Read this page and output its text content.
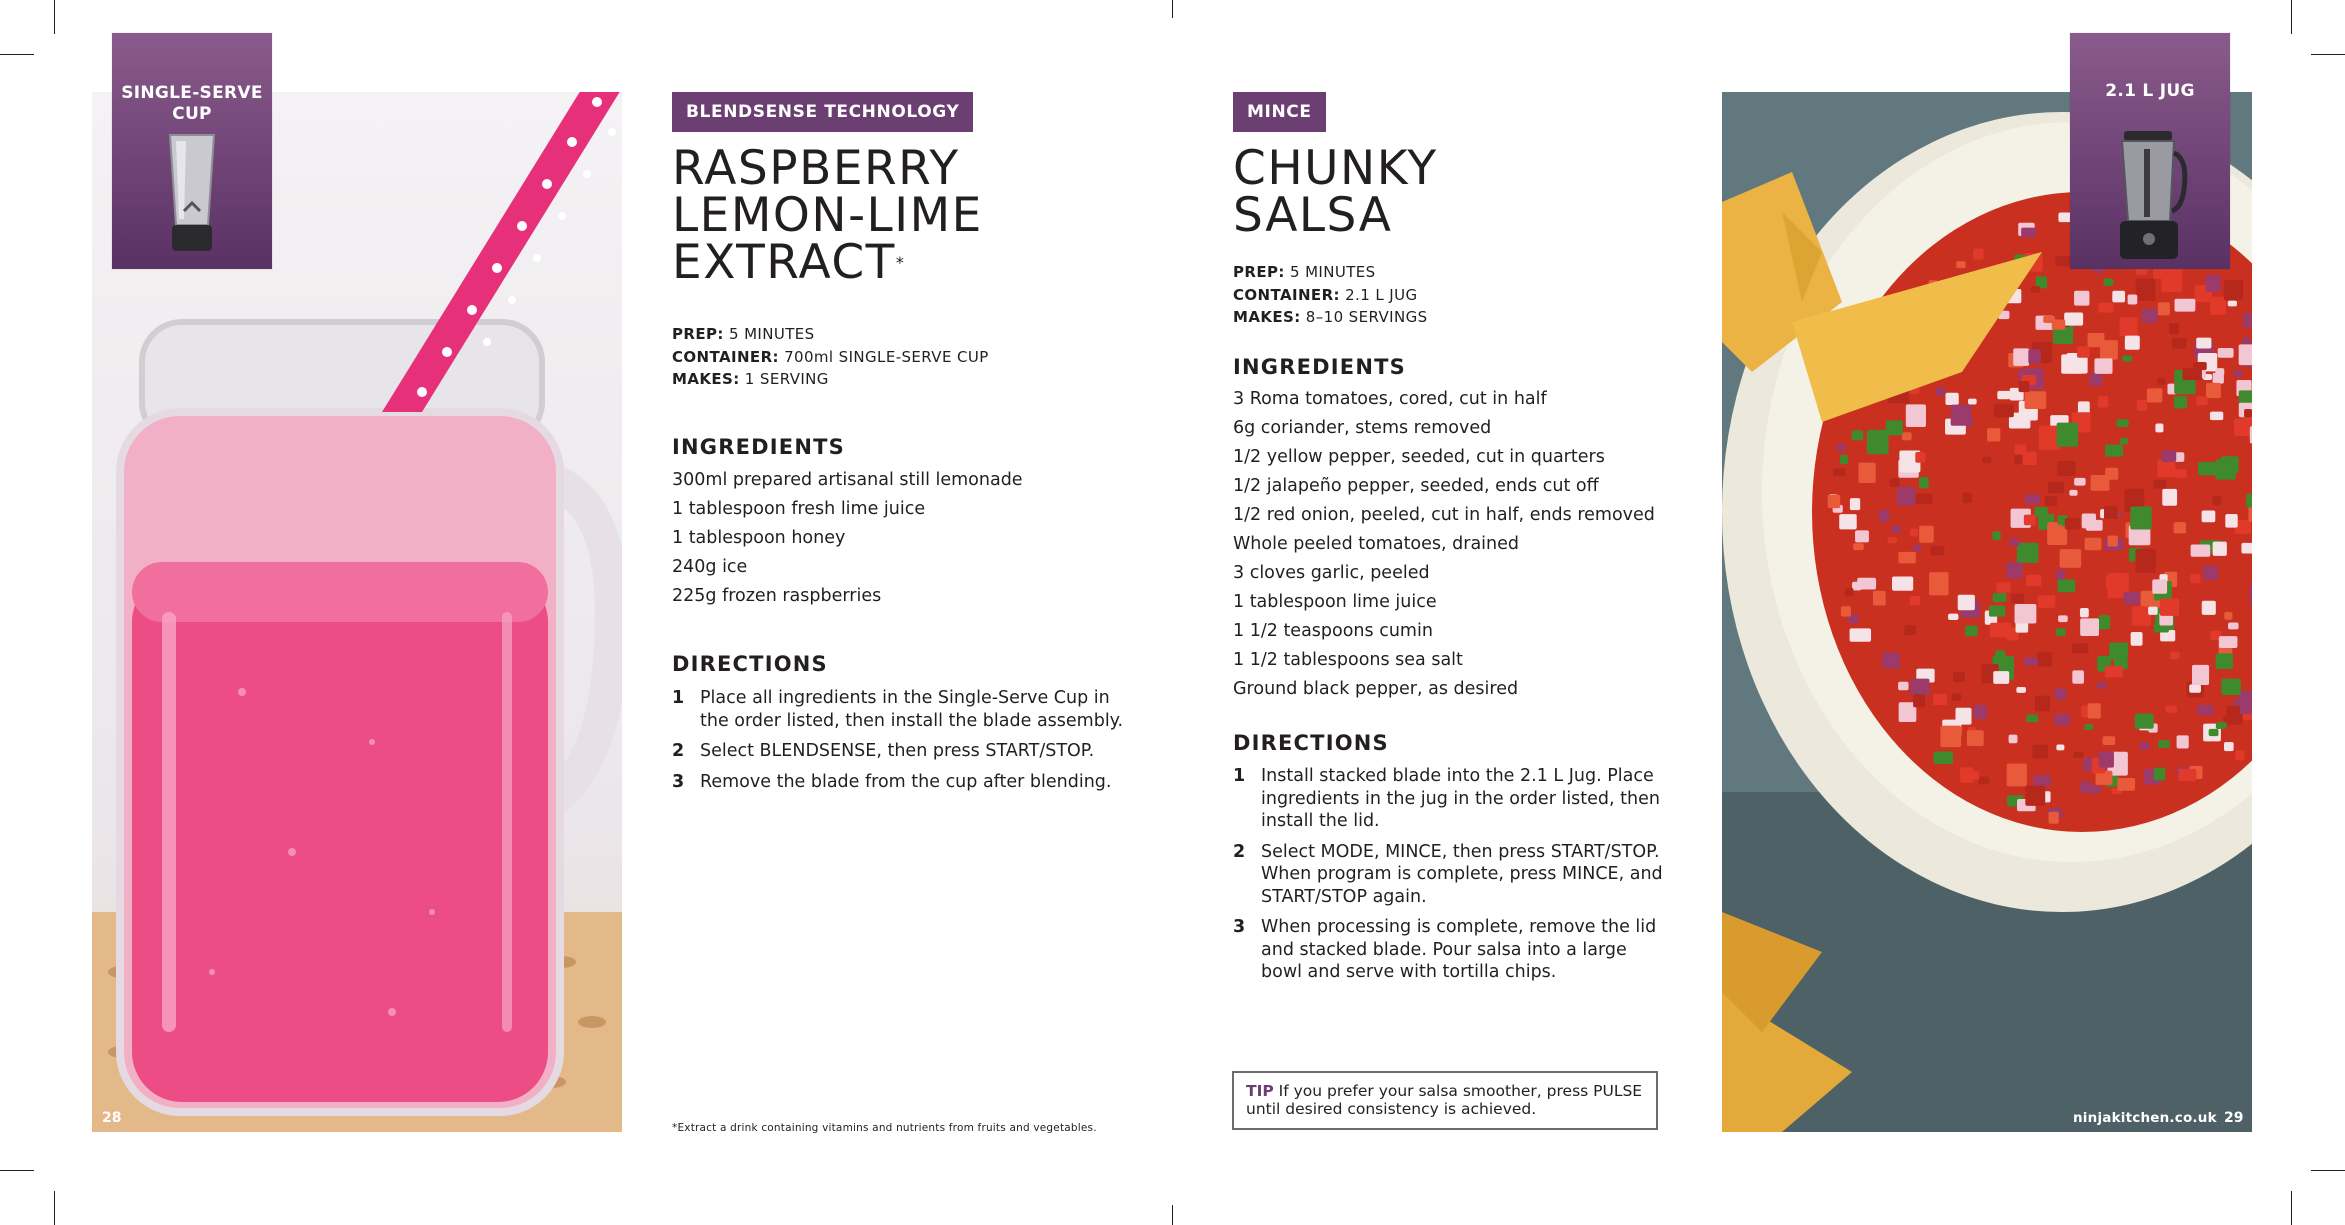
SINGLE-SERVE CUP	BLENDSENSE TECHNOLOGY
RASPBERRY
LEMON-LIME
EXTRACT*
PREP: 5 MINUTES
CONTAINER: 700ml SINGLE-SERVE CUP
MAKES: 1 SERVING
INGREDIENTS
300ml prepared artisanal still lemonade
1 tablespoon fresh lime juice
1 tablespoon honey
240g ice
225g frozen raspberries
DIRECTIONS
1 Place all ingredients in the Single-Serve Cup in the order listed, then install the blade assembly.
2 Select BLENDSENSE, then press START/STOP.
3 Remove the blade from the cup after blending.
*Extract a drink containing vitamins and nutrients from fruits and vegetables.
28
MINCE
CHUNKY
SALSA
PREP: 5 MINUTES
CONTAINER: 2.1 L JUG
MAKES: 8–10 SERVINGS
INGREDIENTS
3 Roma tomatoes, cored, cut in half
6g coriander, stems removed
1/2 yellow pepper, seeded, cut in quarters
1/2 jalapeño pepper, seeded, ends cut off
1/2 red onion, peeled, cut in half, ends removed
Whole peeled tomatoes, drained
3 cloves garlic, peeled
1 tablespoon lime juice
1 1/2 teaspoons cumin
1 1/2 tablespoons sea salt
Ground black pepper, as desired
DIRECTIONS
1 Install stacked blade into the 2.1 L Jug. Place ingredients in the jug in the order listed, then install the lid.
2 Select MODE, MINCE, then press START/STOP. When program is complete, press MINCE, and START/STOP again.
3 When processing is complete, remove the lid and stacked blade. Pour salsa into a large bowl and serve with tortilla chips.
TIP If you prefer your salsa smoother, press PULSE until desired consistency is achieved.
2.1 L JUG
ninjakitchen.co.uk 29
